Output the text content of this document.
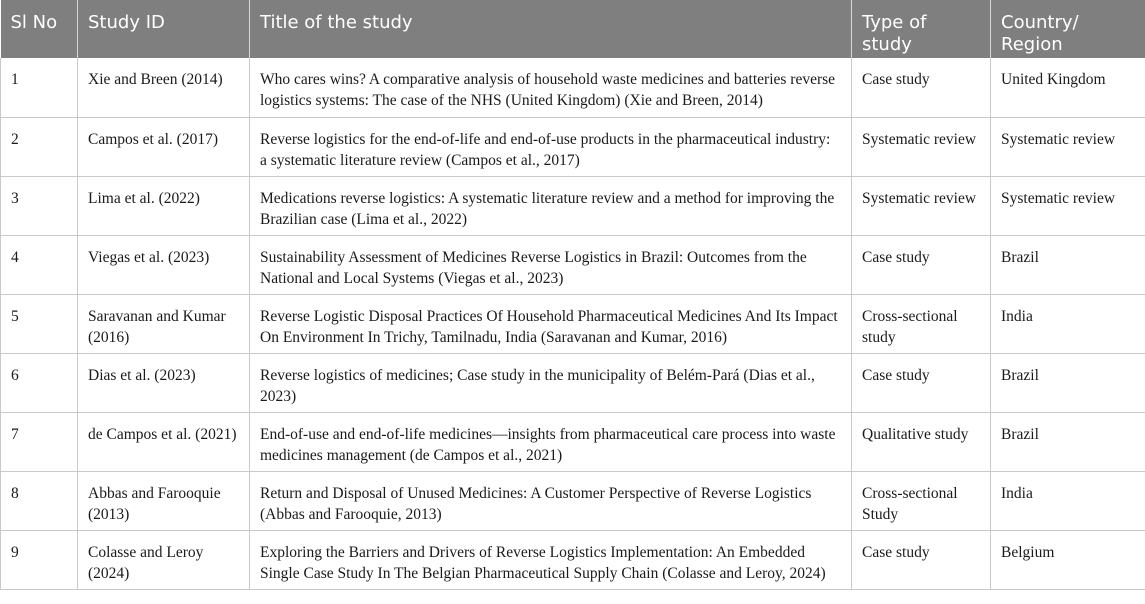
Sl No	Study ID	Title of the study	Type of study	Country/ Region
1	Xie and Breen (2014)	Who cares wins? A comparative analysis of household waste medicines and batteries reverse logistics systems: The case of the NHS (United Kingdom) (Xie and Breen, 2014)	Case study	United Kingdom
2	Campos et al. (2017)	Reverse logistics for the end-of-life and end-of-use products in the pharmaceutical industry: a systematic literature review (Campos et al., 2017)	Systematic review	Systematic review
3	Lima et al. (2022)	Medications reverse logistics: A systematic literature review and a method for improving the Brazilian case (Lima et al., 2022)	Systematic review	Systematic review
4	Viegas et al. (2023)	Sustainability Assessment of Medicines Reverse Logistics in Brazil: Outcomes from the National and Local Systems (Viegas et al., 2023)	Case study	Brazil
5	Saravanan and Kumar (2016)	Reverse Logistic Disposal Practices Of Household Pharmaceutical Medicines And Its Impact On Environment In Trichy, Tamilnadu, India (Saravanan and Kumar, 2016)	Cross-sectional study	India
6	Dias et al. (2023)	Reverse logistics of medicines; Case study in the municipality of Belém-Pará (Dias et al., 2023)	Case study	Brazil
7	de Campos et al. (2021)	End-of-use and end-of-life medicines—insights from pharmaceutical care process into waste medicines management (de Campos et al., 2021)	Qualitative study	Brazil
8	Abbas and Farooquie (2013)	Return and Disposal of Unused Medicines: A Customer Perspective of Reverse Logistics (Abbas and Farooquie, 2013)	Cross-sectional Study	India
9	Colasse and Leroy (2024)	Exploring the Barriers and Drivers of Reverse Logistics Implementation: An Embedded Single Case Study In The Belgian Pharmaceutical Supply Chain (Colasse and Leroy, 2024)	Case study	Belgium
